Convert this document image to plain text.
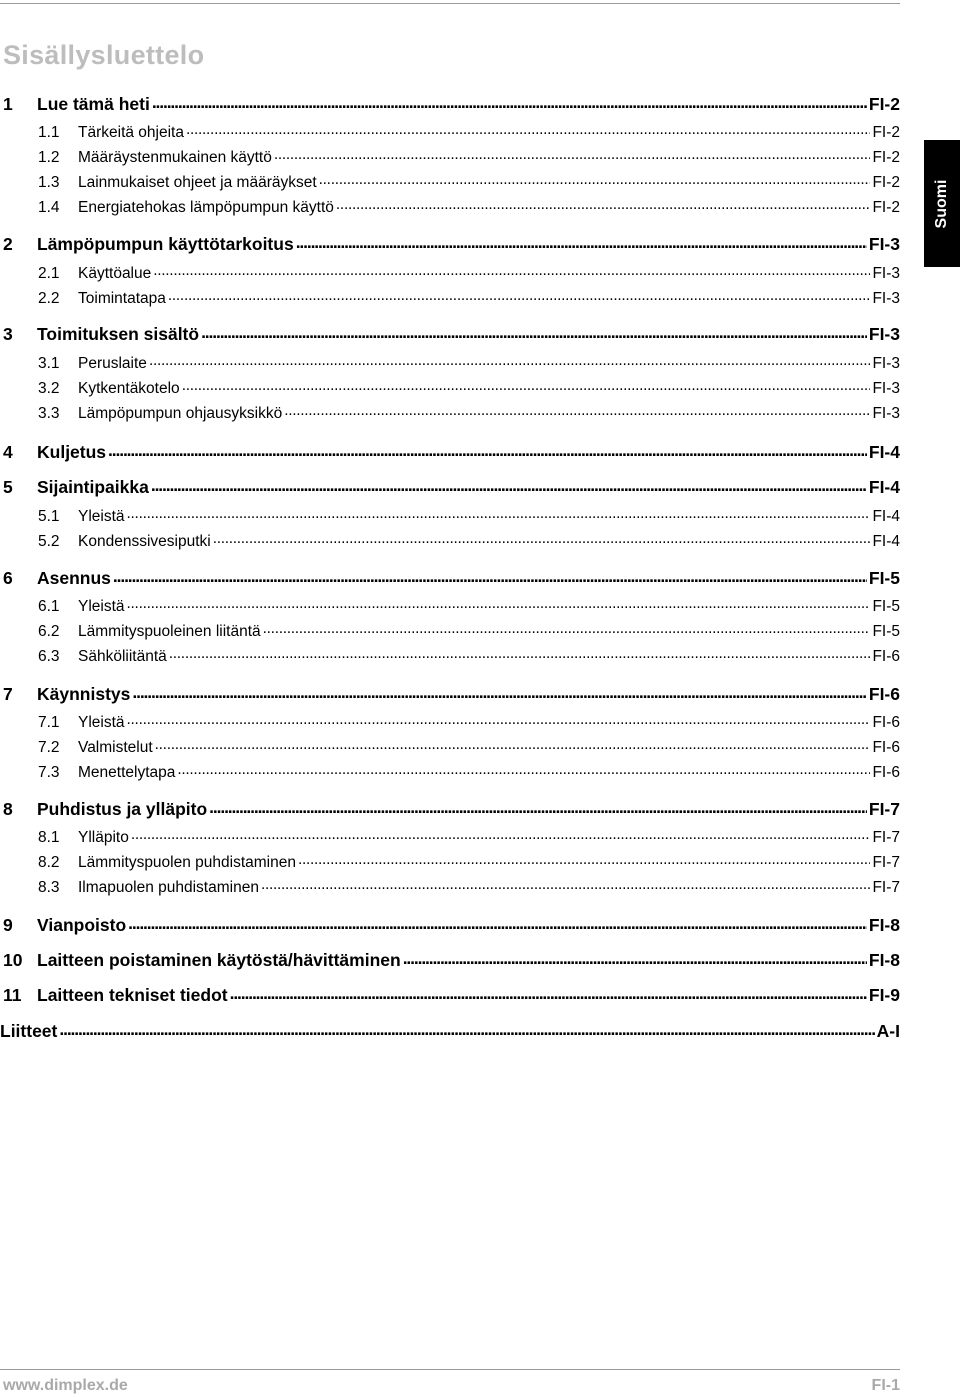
Sisällysluettelo
Suomi
1	Lue tämä heti . . .	FI-2
1.1	Tärkeitä ohjeita . . .	FI-2
1.2	Määräystenmukainen käyttö . . .	FI-2
1.3	Lainmukaiset ohjeet ja määräykset . . .	FI-2
1.4	Energiatehokas lämpöpumpun käyttö . . .	FI-2
2	Lämpöpumpun käyttötarkoitus . . .	FI-3
2.1	Käyttöalue . . .	FI-3
2.2	Toimintatapa . . .	FI-3
3	Toimituksen sisältö . . .	FI-3
3.1	Peruslaite . . .	FI-3
3.2	Kytkentäkotelo . . .	FI-3
3.3	Lämpöpumpun ohjausyksikkö . . .	FI-3
4	Kuljetus . . .	FI-4
5	Sijaintipaikka . . .	FI-4
5.1	Yleistä . . .	FI-4
5.2	Kondenssivesiputki . . .	FI-4
6	Asennus . . .	FI-5
6.1	Yleistä . . .	FI-5
6.2	Lämmityspuoleinen liitäntä . . .	FI-5
6.3	Sähköliitäntä . . .	FI-6
7	Käynnistys . . .	FI-6
7.1	Yleistä . . .	FI-6
7.2	Valmistelut . . .	FI-6
7.3	Menettelytapa . . .	FI-6
8	Puhdistus ja ylläpito . . .	FI-7
8.1	Ylläpito . . .	FI-7
8.2	Lämmityspuolen puhdistaminen . . .	FI-7
8.3	Ilmapuolen puhdistaminen . . .	FI-7
9	Vianpoisto . . .	FI-8
10 Laitteen poistaminen käytöstä/hävittäminen . . .	FI-8
11 Laitteen tekniset tiedot . . .	FI-9
Liitteet . . .	A-I
www.dimplex.de	FI-1
